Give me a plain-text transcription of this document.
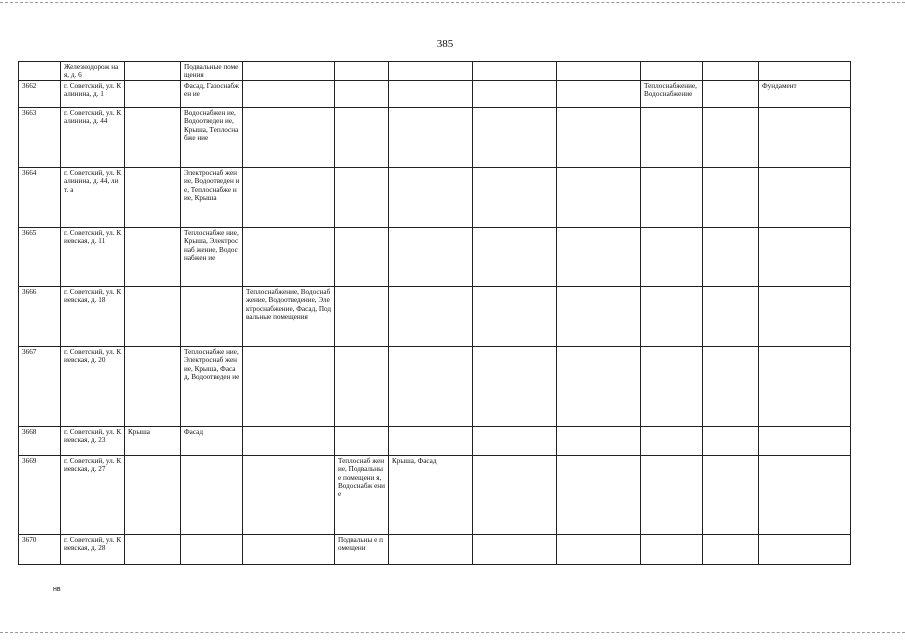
385
	Железнодорож ная, д. 6		Подвальные помещения								
3662	г. Советский, ул. Калинина, д. 1		Фасад, Газоснабжен ие						Теплоснабжение, Водоснабжение		Фундамент
3663	г. Советский, ул. Калинина, д. 44		Водоснабжен ие, Водоотведен ие, Крыша, Теплоснабже ние								
3664	г. Советский, ул. Калинина, д. 44, лит. а		Электроснаб жение, Водоотведен ие, Теплоснабже ние, Крыша								
3665	г. Советский, ул. Киевская, д. 11		Теплоснабже ние, Крыша, Электроснаб жение, Водоснабжен ие								
3666	г. Советский, ул. Киевская, д. 18			Теплоснабжение, Водоснабжение, Водоотведение, Электроснабжение, Фасад, Подвальные помещения							
3667	г. Советский, ул. Киевская, д. 20		Теплоснабже ние, Электроснаб жение, Крыша, Фасад, Водоотведен ие								
3668	г. Советский, ул. Киевская, д. 23	Крыша	Фасад								
3669	г. Советский, ул. Киевская, д. 27				Теплоснаб жение, Подвальны е помещени я, Водоснабж ение	Крыша, Фасад					
3670	г. Советский, ул. Киевская, д. 28				Подвальны е помещени						
нв
